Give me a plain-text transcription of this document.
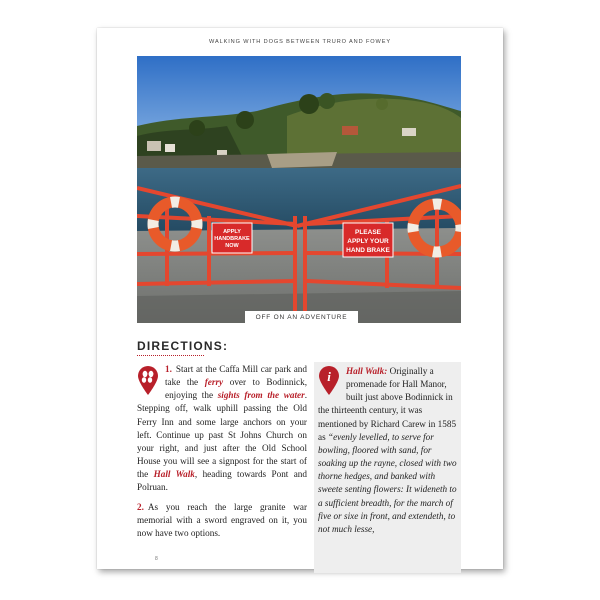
WALKING WITH DOGS BETWEEN TRURO AND FOWEY
APPLY
HANDBRAKE
NOW
PLEASE
APPLY YOUR
HAND BRAKE
OFF ON AN ADVENTURE
DIRECTIONS:

1. Start at the Caffa Mill car park and take the ferry over to Bodinnick, enjoying the sights from the water. Stepping off, walk uphill passing the Old Ferry Inn and some large anchors on your left. Continue up past St Johns Church on your right, and just after the Old School House you will see a signpost for the start of the Hall Walk, heading towards Pont and Polruan.

2. As you reach the large granite war memorial with a sword engraved on it, you now have two options.

i Hall Walk: Originally a promenade for Hall Manor, built just above Bodinnick in the thirteenth century, it was mentioned by Richard Carew in 1585 as “evenly levelled, to serve for bowling, floored with sand, for soaking up the rayne, closed with two thorne hedges, and banked with sweete senting flowers: It wideneth to a sufficient breadth, for the march of five or sixe in front, and extendeth, to not much lesse,
8
